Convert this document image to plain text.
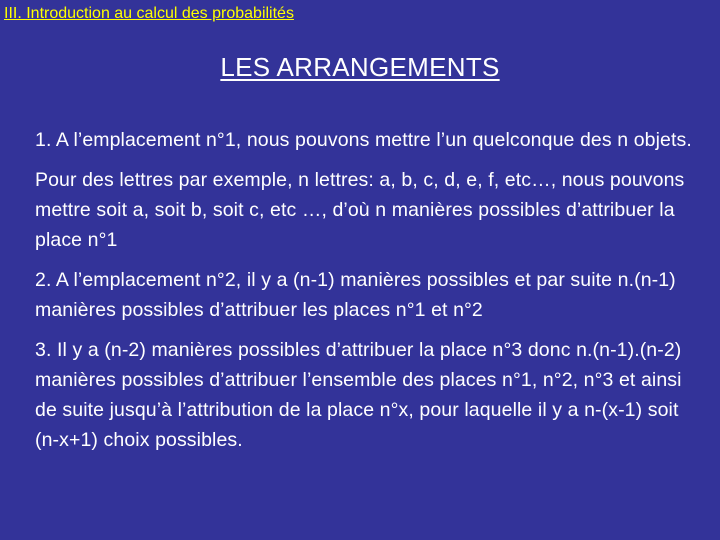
III. Introduction au calcul des probabilités

LES ARRANGEMENTS

1. A l’emplacement n°1, nous pouvons mettre l’un quelconque des n objets.

Pour des lettres par exemple, n lettres: a, b, c, d, e, f, etc…, nous pouvons mettre soit a, soit b, soit c, etc …, d’où n manières possibles d’attribuer la place n°1

2. A l’emplacement n°2, il y a (n-1) manières possibles et par suite n.(n-1) manières possibles d’attribuer les places n°1 et n°2

3. Il y a (n-2) manières possibles d’attribuer la place n°3 donc n.(n-1).(n-2) manières possibles d’attribuer l’ensemble des places n°1, n°2, n°3 et ainsi de suite jusqu’à l’attribution de la place n°x, pour laquelle il y a n-(x-1) soit (n-x+1) choix possibles.
